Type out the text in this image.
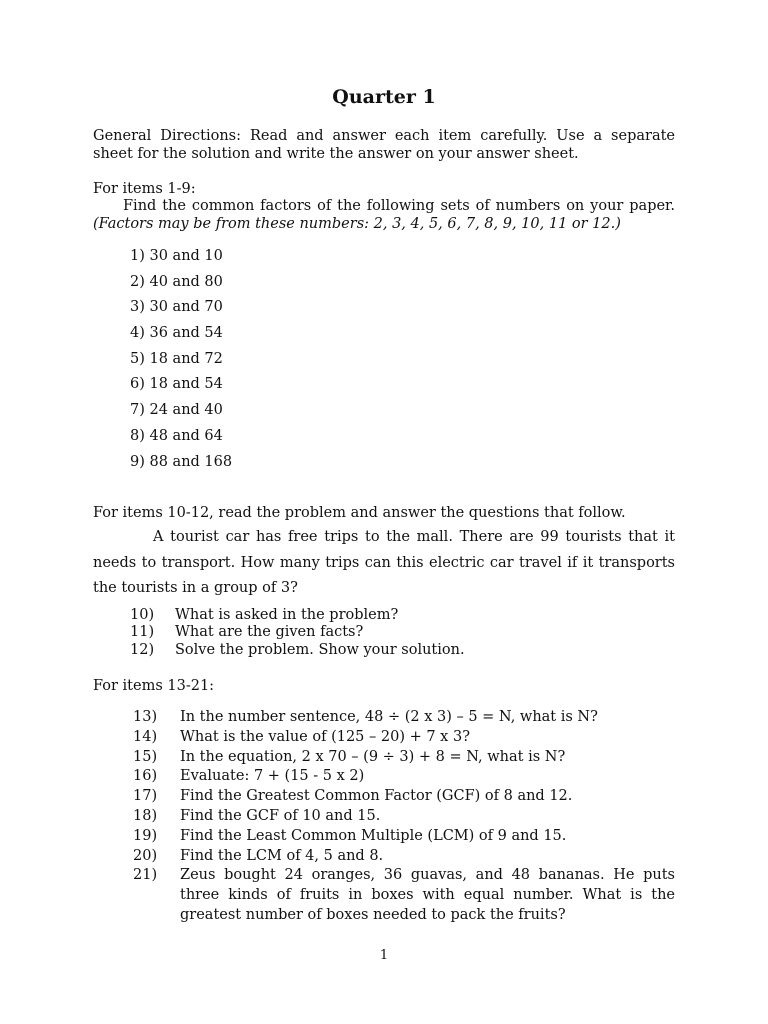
Quarter 1
General Directions: Read and answer each item carefully. Use a separate sheet for the solution and write the answer on your answer sheet.
For items 1-9:
Find the common factors of the following sets of numbers on your paper. (Factors may be from these numbers: 2, 3, 4, 5, 6, 7, 8, 9, 10, 11 or 12.)
1) 30 and 10
2) 40 and 80
3) 30 and 70
4) 36 and 54
5) 18 and 72
6) 18 and 54
7) 24 and 40
8) 48 and 64
9) 88 and 168
For items 10-12, read the problem and answer the questions that follow.
A tourist car has free trips to the mall. There are 99 tourists that it needs to transport. How many trips can this electric car travel if it transports the tourists in a group of 3?
10)	What is asked in the problem?
11)	What are the given facts?
12)	Solve the problem. Show your solution.
For items 13-21:
13)	In the number sentence, 48 ÷ (2 x 3) – 5 = N, what is N?
14)	What is the value of (125 – 20) + 7 x 3?
15)	In the equation, 2 x 70 – (9 ÷ 3) + 8 = N, what is N?
16)	Evaluate: 7 + (15 - 5 x 2)
17)	Find the Greatest Common Factor (GCF) of 8 and 12.
18)	Find the GCF of 10 and 15.
19)	Find the Least Common Multiple (LCM) of 9 and 15.
20)	Find the LCM of 4, 5 and 8.
21)	Zeus bought 24 oranges, 36 guavas, and 48 bananas. He puts three kinds of fruits in boxes with equal number. What is the greatest number of boxes needed to pack the fruits?
1
